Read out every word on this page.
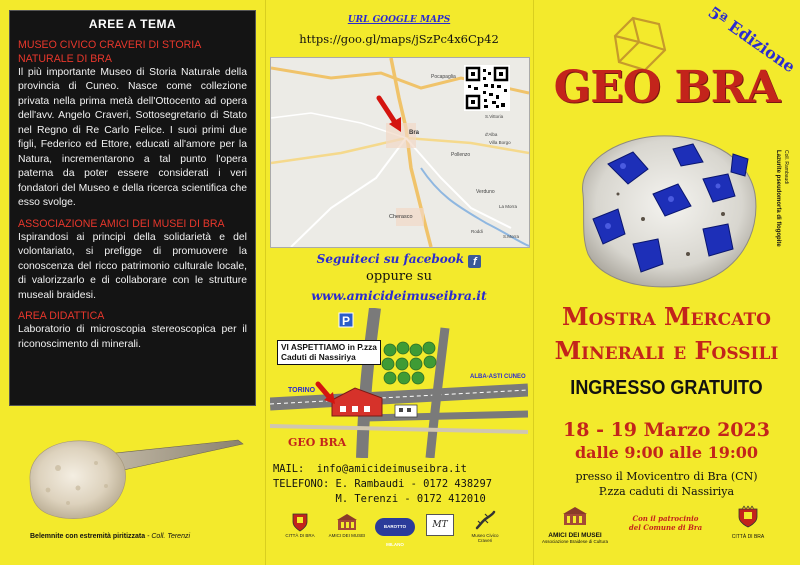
AREE A TEMA
MUSEO CIVICO CRAVERI DI STORIA NATURALE DI BRA

Il più importante Museo di Storia Naturale della provincia di Cuneo. Nasce come collezione privata nella prima metà dell'Ottocento ad opera dell'avv. Angelo Craveri, Sottosegretario di Stato nel Regno di Re Carlo Felice. I suoi primi due figli, Federico ed Ettore, educati all'amore per la Natura, incrementarono a tal punto l'opera paterna da poter essere considerati i veri fondatori del Museo e della ricerca scientifica che esso svolge.

ASSOCIAZIONE AMICI DEI MUSEI DI BRA

Ispirandosi ai principi della solidarietà e del volontariato, si prefigge di promuovere la conoscenza del ricco patrimonio culturale locale, di valorizzarlo e di collaborare con le strutture museali braidesi.

AREA DIDATTICA

Laboratorio di microscopia stereoscopica per il riconoscimento di minerali.

Belemnite con estremità piritizzata - Coll. Terenzi
URL GOOGLE MAPS
https://goo.gl/maps/jSzPc4x6Cp42
Pocapaglia
Bra
Pollenzo
Cherasco
S.Vittoria
d'Alba
Villa Borgo
Verduno
La Morra
Roddi
S.Morra
Seguiteci su facebook f
oppure su
www.amicideimuseibra.it
P
TORINO
ALBA-ASTI CUNEO
GEO BRA
VI ASPETTIAMO in P.zza Caduti di Nassiriya
MAIL:  info@amicideimuseibra.it
TELEFONO: E. Rambaudi - 0172 438297
M. Terenzi - 0172 412010
CITTÀ DI BRA	AMICI DEI MUSEI
BAROTTO MILANO
MT
Museo Civico Craveri
5ª Edizione
GEO BRA
Lazurite pseudomorfa di flogopite Coll. Rambaudi
Mostra Mercato
Minerali e Fossili
INGRESSO GRATUITO
18 - 19 Marzo 2023
dalle 9:00 alle 19:00
presso il Movicentro di Bra (CN)
P.zza caduti di Nassiriya
AMICI DEI MUSEI
Associazione Braidese di Cultura
Con il patrocinio
del Comune di Bra
CITTÀ DI BRA
